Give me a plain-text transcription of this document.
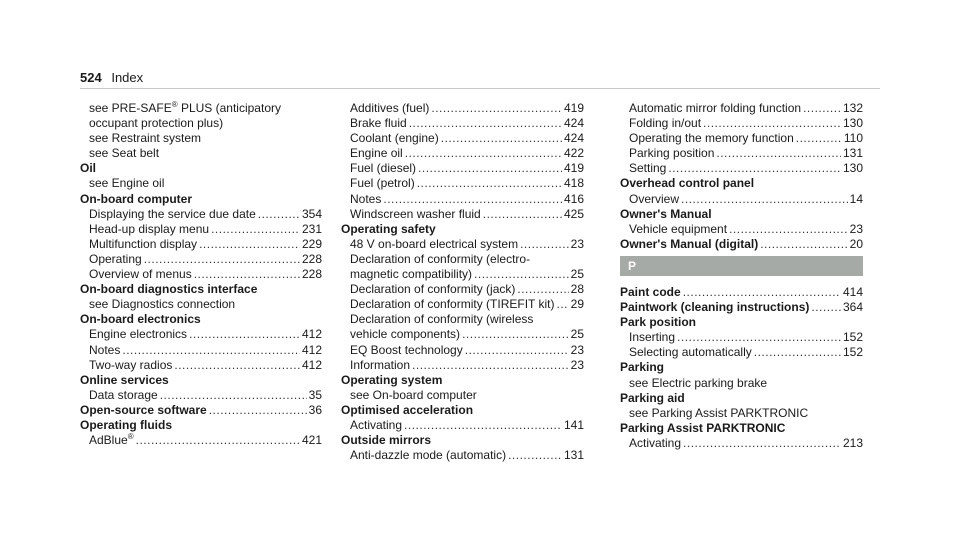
524 Index
see PRE-SAFE® PLUS (anticipatory
occupant protection plus)
see Restraint system
see Seat belt
Oil
see Engine oil
On-board computer
Displaying the service due date .....	354
Head-up display menu .....	231
Multifunction display .....	229
Operating .....	228
Overview of menus .....	228
On-board diagnostics interface
see Diagnostics connection
On-board electronics
Engine electronics .....	412
Notes .....	412
Two-way radios .....	412
Online services
Data storage .....	35
Open-source software .....	36
Operating fluids
AdBlue® .....	421
Additives (fuel) .....	419
Brake fluid .....	424
Coolant (engine) .....	424
Engine oil .....	422
Fuel (diesel) .....	419
Fuel (petrol) .....	418
Notes .....	416
Windscreen washer fluid .....	425
Operating safety
48 V on-board electrical system .....	23
Declaration of conformity (electro-
magnetic compatibility) .....	25
Declaration of conformity (jack) .....	28
Declaration of conformity (TIREFIT kit) ..... 29
Declaration of conformity (wireless
vehicle components) .....	25
EQ Boost technology .....	23
Information .....	23
Operating system
see On-board computer
Optimised acceleration
Activating .....	141
Outside mirrors
Anti-dazzle mode (automatic) .....	131
Automatic mirror folding function .....	132
Folding in/out .....	130
Operating the memory function .....	110
Parking position .....	131
Setting .....	130
Overhead control panel
Overview .....	14
Owner's Manual
Vehicle equipment .....	23
Owner's Manual (digital) .....	20
P
Paint code .....	414
Paintwork (cleaning instructions) .....	364
Park position
Inserting .....	152
Selecting automatically .....	152
Parking
see Electric parking brake
Parking aid
see Parking Assist PARKTRONIC
Parking Assist PARKTRONIC
Activating .....	213
